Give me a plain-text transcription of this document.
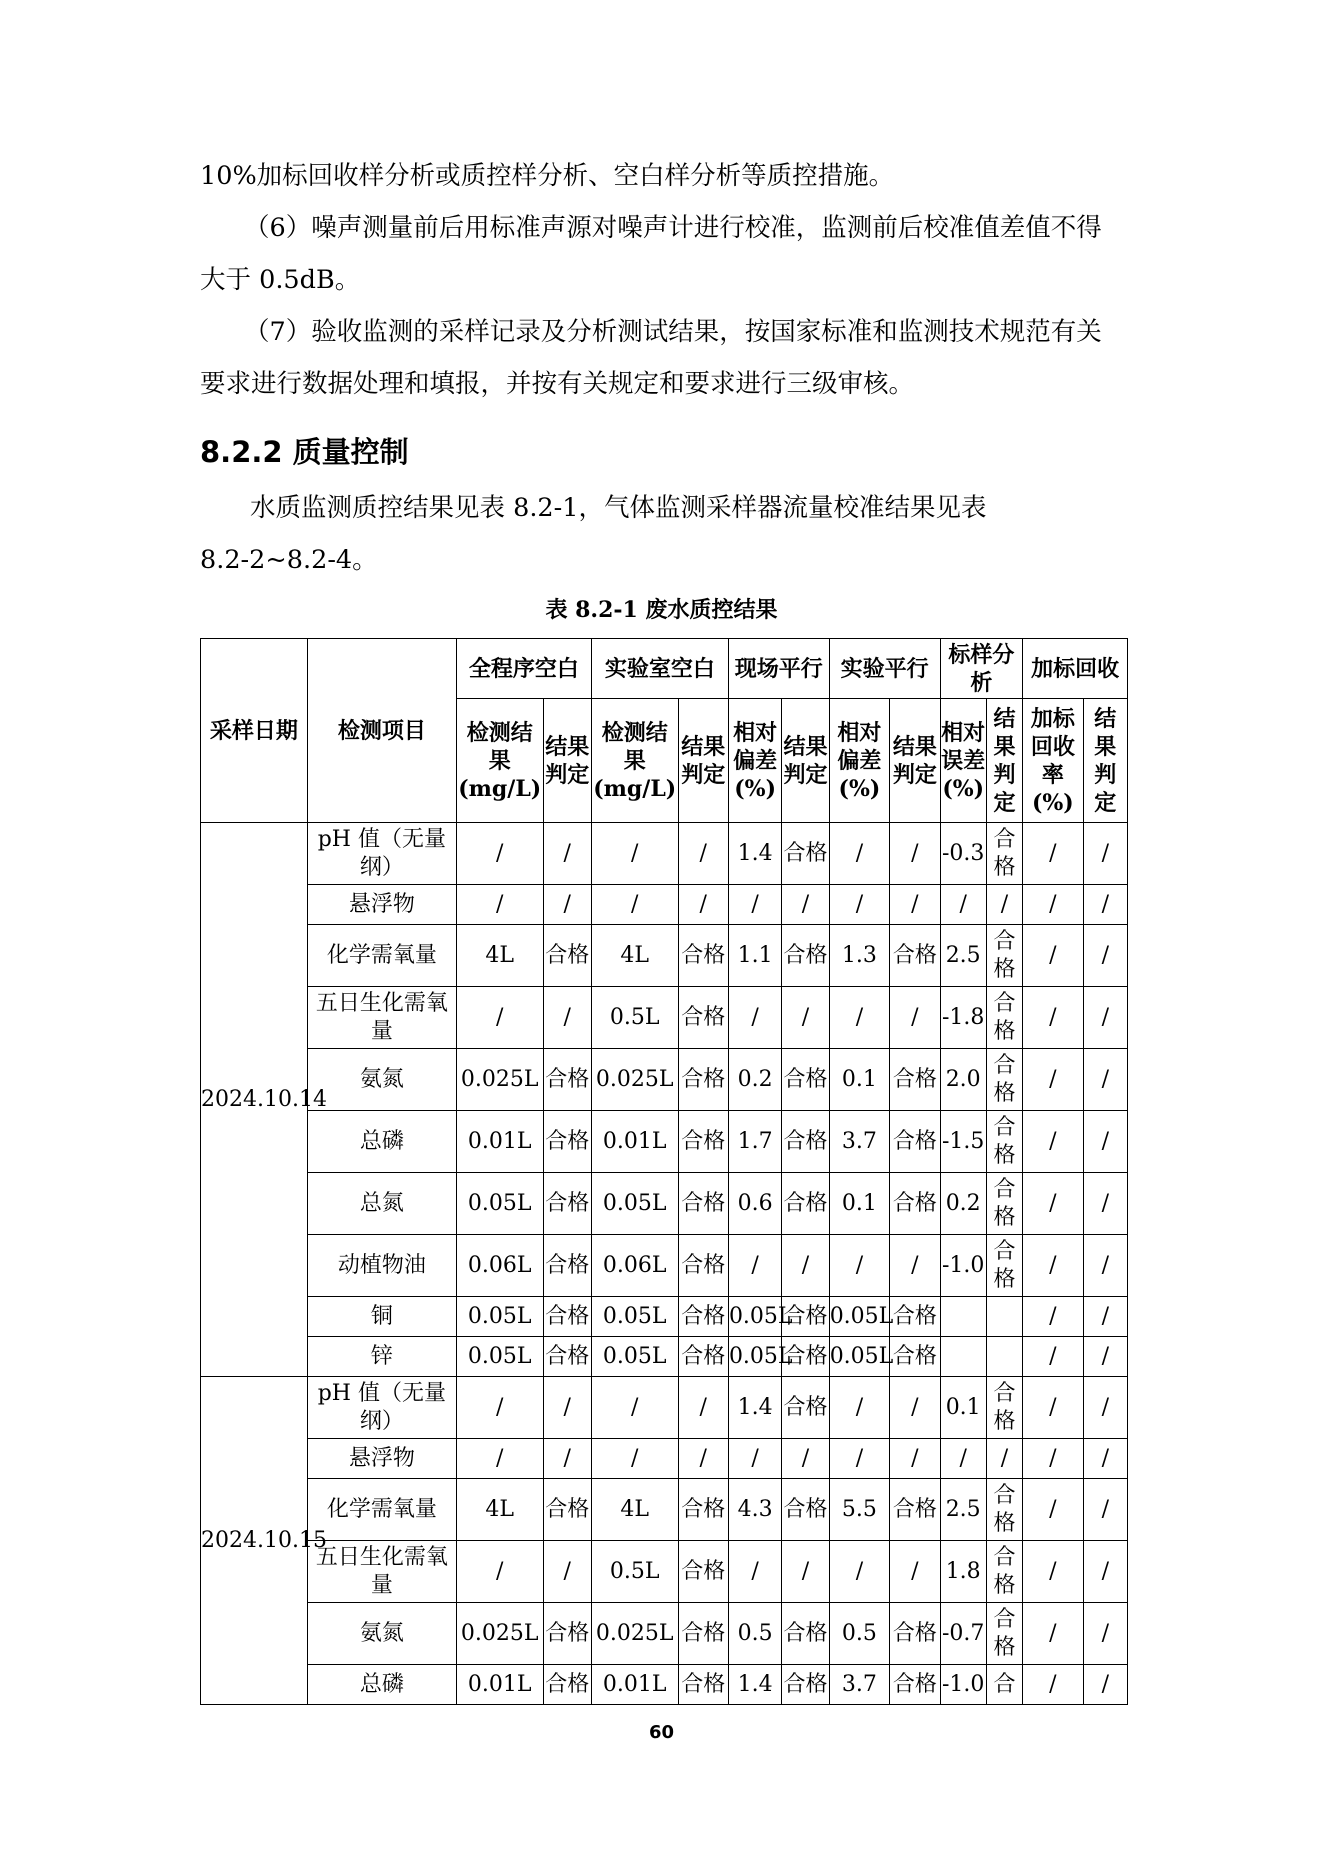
10%加标回收样分析或质控样分析、空白样分析等质控措施。

（6）噪声测量前后用标准声源对噪声计进行校准，监测前后校准值差值不得

大于 0.5dB。

（7）验收监测的采样记录及分析测试结果，按国家标准和监测技术规范有关

要求进行数据处理和填报，并按有关规定和要求进行三级审核。

8.2.2 质量控制

水质监测质控结果见表 8.2-1，气体监测采样器流量校准结果见表

8.2-2~8.2-4。

表 8.2-1 废水质控结果

采样日期	检测项目	全程序空白		实验室空白		现场平行		实验平行		标样分析		加标回收	
		检测结果(mg/L)	结果判定	检测结果(mg/L)	结果判定	相对偏差(%)	结果判定	相对偏差(%)	结果判定	相对误差(%)	结果判定	加标回收率(%)	结果判定
2024.10.14	pH 值（无量纲）	/	/	/	/	1.4	合格	/	/	-0.3	合格	/	/
	悬浮物	/	/	/	/	/	/	/	/	/	/	/	/
	化学需氧量	4L	合格	4L	合格	1.1	合格	1.3	合格	2.5	合格	/	/
	五日生化需氧量	/	/	0.5L	合格	/	/	/	/	-1.8	合格	/	/
	氨氮	0.025L	合格	0.025L	合格	0.2	合格	0.1	合格	2.0	合格	/	/
	总磷	0.01L	合格	0.01L	合格	1.7	合格	3.7	合格	-1.5	合格	/	/
	总氮	0.05L	合格	0.05L	合格	0.6	合格	0.1	合格	0.2	合格	/	/
	动植物油	0.06L	合格	0.06L	合格	/	/	/	/	-1.0	合格	/	/
	铜	0.05L	合格	0.05L	合格	0.05L	合格	0.05L	合格			/	/
	锌	0.05L	合格	0.05L	合格	0.05L	合格	0.05L	合格			/	/
2024.10.15	pH 值（无量纲）	/	/	/	/	1.4	合格	/	/	0.1	合格	/	/
	悬浮物	/	/	/	/	/	/	/	/	/	/	/	/
	化学需氧量	4L	合格	4L	合格	4.3	合格	5.5	合格	2.5	合格	/	/
	五日生化需氧量	/	/	0.5L	合格	/	/	/	/	1.8	合格	/	/
	氨氮	0.025L	合格	0.025L	合格	0.5	合格	0.5	合格	-0.7	合格	/	/
	总磷	0.01L	合格	0.01L	合格	1.4	合格	3.7	合格	-1.0	合	/	/
60
